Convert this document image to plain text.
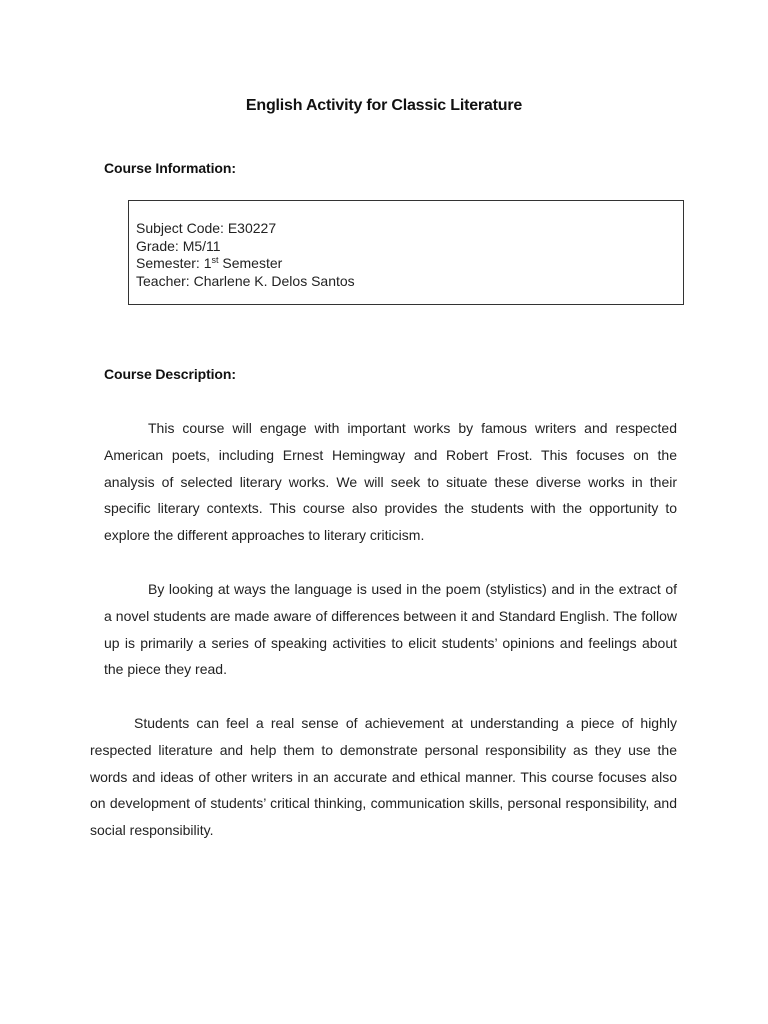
English Activity for Classic Literature
Course Information:
Subject Code: E30227
Grade: M5/11
Semester: 1st Semester
Teacher: Charlene K. Delos Santos
Course Description:

This course will engage with important works by famous writers and respected American poets, including Ernest Hemingway and Robert Frost. This focuses on the analysis of selected literary works. We will seek to situate these diverse works in their specific literary contexts. This course also provides the students with the opportunity to explore the different approaches to literary criticism.

By looking at ways the language is used in the poem (stylistics) and in the extract of a novel students are made aware of differences between it and Standard English. The follow up is primarily a series of speaking activities to elicit students’ opinions and feelings about the piece they read.

Students can feel a real sense of achievement at understanding a piece of highly respected literature and help them to demonstrate personal responsibility as they use the words and ideas of other writers in an accurate and ethical manner. This course focuses also on development of students’ critical thinking, communication skills, personal responsibility, and social responsibility.
